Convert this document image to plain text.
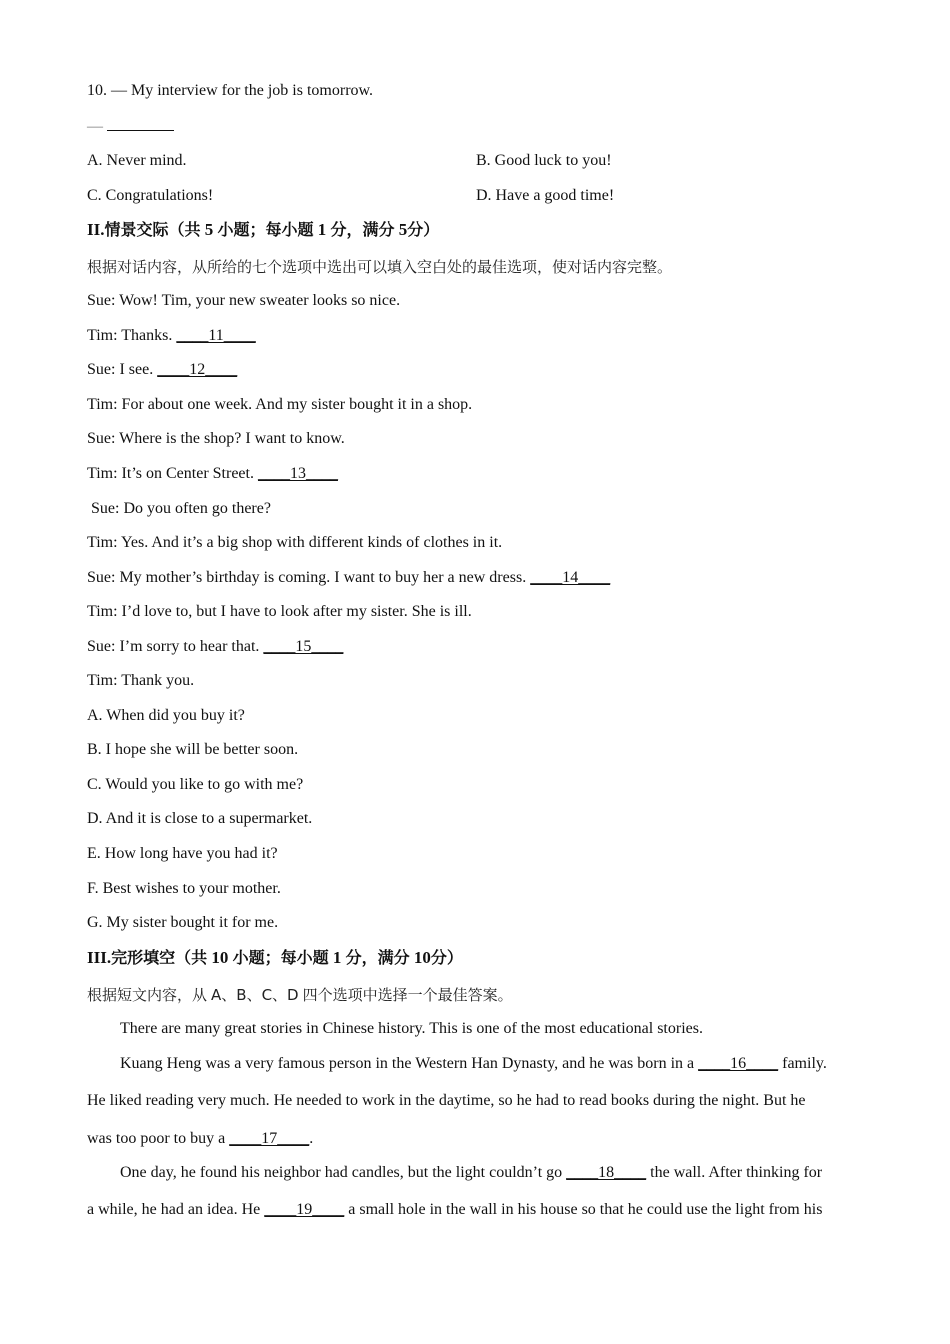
10. — My interview for the job is tomorrow.
—
A. Never mind.	B. Good luck to you!
C. Congratulations!	D. Have a good time!
II.情景交际（共 5 小题；每小题 1 分，满分 5分）
根据对话内容，从所给的七个选项中选出可以填入空白处的最佳选项，使对话内容完整。
Sue: Wow! Tim, your new sweater looks so nice.
Tim: Thanks. ____11____
Sue: I see. ____12____
Tim: For about one week. And my sister bought it in a shop.
Sue: Where is the shop? I want to know.
Tim: It’s on Center Street. ____13____
Sue: Do you often go there?
Tim: Yes. And it’s a big shop with different kinds of clothes in it.
Sue: My mother’s birthday is coming. I want to buy her a new dress. ____14____
Tim: I’d love to, but I have to look after my sister. She is ill.
Sue: I’m sorry to hear that. ____15____
Tim: Thank you.
A. When did you buy it?
B. I hope she will be better soon.
C. Would you like to go with me?
D. And it is close to a supermarket.
E. How long have you had it?
F. Best wishes to your mother.
G. My sister bought it for me.
III.完形填空（共 10 小题；每小题 1 分，满分 10分）
根据短文内容，从 A、B、C、D 四个选项中选择一个最佳答案。
There are many great stories in Chinese history. This is one of the most educational stories.
Kuang Heng was a very famous person in the Western Han Dynasty, and he was born in a ____16____ family.
He liked reading very much. He needed to work in the daytime, so he had to read books during the night. But he
was too poor to buy a ____17____.
One day, he found his neighbor had candles, but the light couldn’t go ____18____ the wall. After thinking for
a while, he had an idea. He ____19____ a small hole in the wall in his house so that he could use the light from his
